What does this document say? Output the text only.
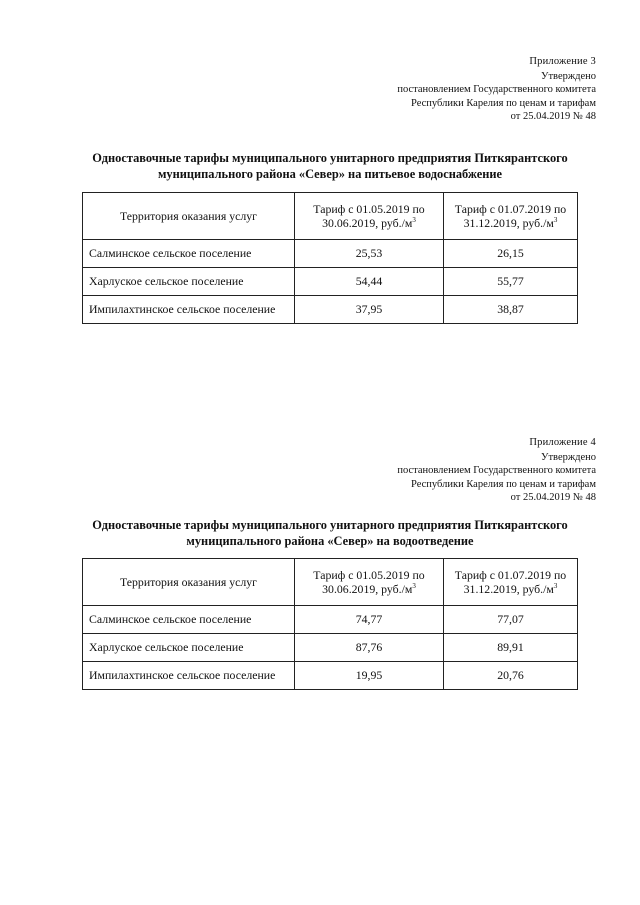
Приложение 3
Утверждено
постановлением Государственного комитета
Республики Карелия по ценам и тарифам
от 25.04.2019 № 48
Одноставочные тарифы муниципального унитарного предприятия Питкярантского
муниципального района «Север» на питьевое водоснабжение
Территория оказания услуг	Тариф с 01.05.2019 по 30.06.2019, $руб./м^3$	Тариф с 01.07.2019 по 31.12.2019, $руб./м^3$
Салминское сельское поселение	25,53	26,15
Харлуское сельское поселение	54,44	55,77
Импилахтинское сельское поселение	37,95	38,87
Приложение 4
Утверждено
постановлением Государственного комитета
Республики Карелия по ценам и тарифам
от 25.04.2019 № 48
Одноставочные тарифы муниципального унитарного предприятия Питкярантского
муниципального района «Север» на водоотведение
Территория оказания услуг	Тариф с 01.05.2019 по 30.06.2019, $руб./м^3$	Тариф с 01.07.2019 по 31.12.2019, $руб./м^3$
Салминское сельское поселение	74,77	77,07
Харлуское сельское поселение	87,76	89,91
Импилахтинское сельское поселение	19,95	20,76
